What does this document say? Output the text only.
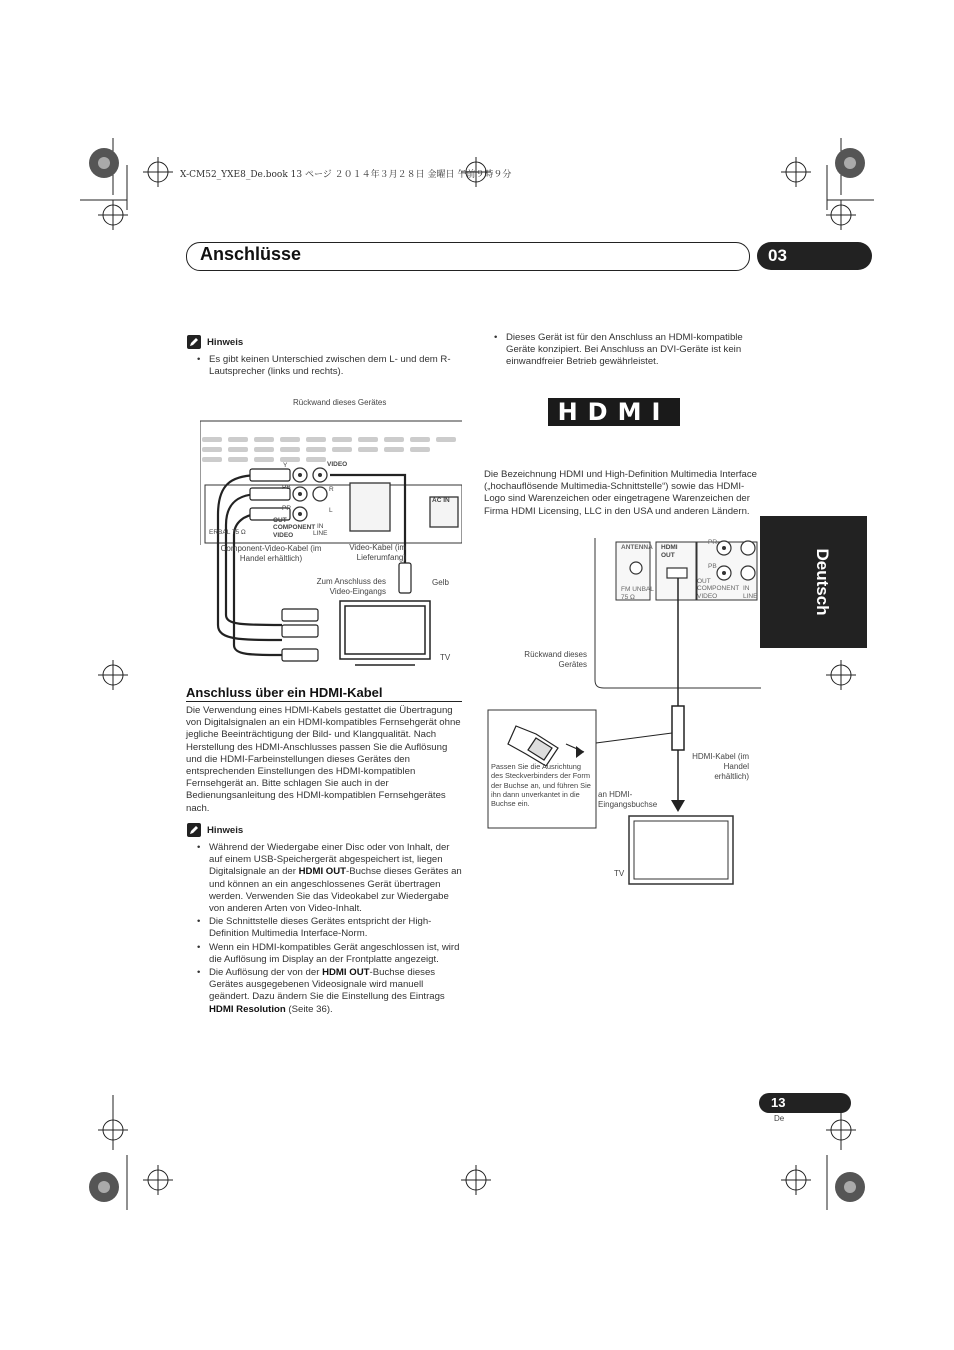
X-CM52_YXE8_De.book 13 ページ ２０１４年３月２８日 金曜日 午前９時９分
Anschlüsse	03
Deutsch
Hinweis
• Es gibt keinen Unterschied zwischen dem L- und dem R-Lautsprecher (links und rechts).
Rückwand dieses Gerätes
VIDEO
Y
PB
PR
R
L
OUT
COMPONENT VIDEO
IN
LINE
AC IN
ERBAL 75 Ω
Component-Video-Kabel (im Handel erhältlich)
Video-Kabel (im Lieferumfang)
Zum Anschluss des Video-Eingangs
Gelb
TV
Anschluss über ein HDMI-Kabel
Die Verwendung eines HDMI-Kabels gestattet die Übertragung von Digitalsignalen an ein HDMI-kompatibles Fernsehgerät ohne jegliche Beeinträchtigung der Bild- und Klangqualität. Nach Herstellung des HDMI-Anschlusses passen Sie die Auflösung und die HDMI-Farbeinstellungen dieses Gerätes den entsprechenden Einstellungen des HDMI-kompatiblen Fernsehgerät an. Bitte schlagen Sie auch in der Bedienungsanleitung des HDMI-kompatiblen Fernsehgerätes nach.
Hinweis
• Während der Wiedergabe einer Disc oder von Inhalt, der auf einem USB-Speichergerät abgespeichert ist, liegen Digitalsignale an der HDMI OUT-Buchse dieses Gerätes an und können an ein angeschlossenes Gerät übertragen werden. Verwenden Sie das Videokabel zur Wiedergabe von anderen Arten von Video-Inhalt.
• Die Schnittstelle dieses Gerätes entspricht der High-Definition Multimedia Interface-Norm.
• Wenn ein HDMI-kompatibles Gerät angeschlossen ist, wird die Auflösung im Display an der Frontplatte angezeigt.
• Die Auflösung der von der HDMI OUT-Buchse dieses Gerätes ausgegebenen Videosignale wird manuell geändert. Dazu ändern Sie die Einstellung des Eintrags HDMI Resolution (Seite 36).
• Dieses Gerät ist für den Anschluss an HDMI-kompatible Geräte konzipiert. Bei Anschluss an DVI-Geräte ist kein einwandfreier Betrieb gewährleistet.
HDMI
Die Bezeichnung HDMI und High-Definition Multimedia Interface („hochauflösende Multimedia-Schnittstelle“) sowie das HDMI-Logo sind Warenzeichen oder eingetragene Warenzeichen der Firma HDMI Licensing, LLC in den USA und anderen Ländern.
ANTENNA HDMI OUT
FM UNBAL 75 Ω
PR
PB
OUT
COMPONENT VIDEO
IN LINE
Rückwand dieses Gerätes
Passen Sie die Ausrichtung des Steckverbinders der Form der Buchse an, und führen Sie ihn dann unverkantet in die Buchse ein.
an HDMI-Eingangsbuchse
HDMI-Kabel (im Handel erhältlich)
TV
13
De
